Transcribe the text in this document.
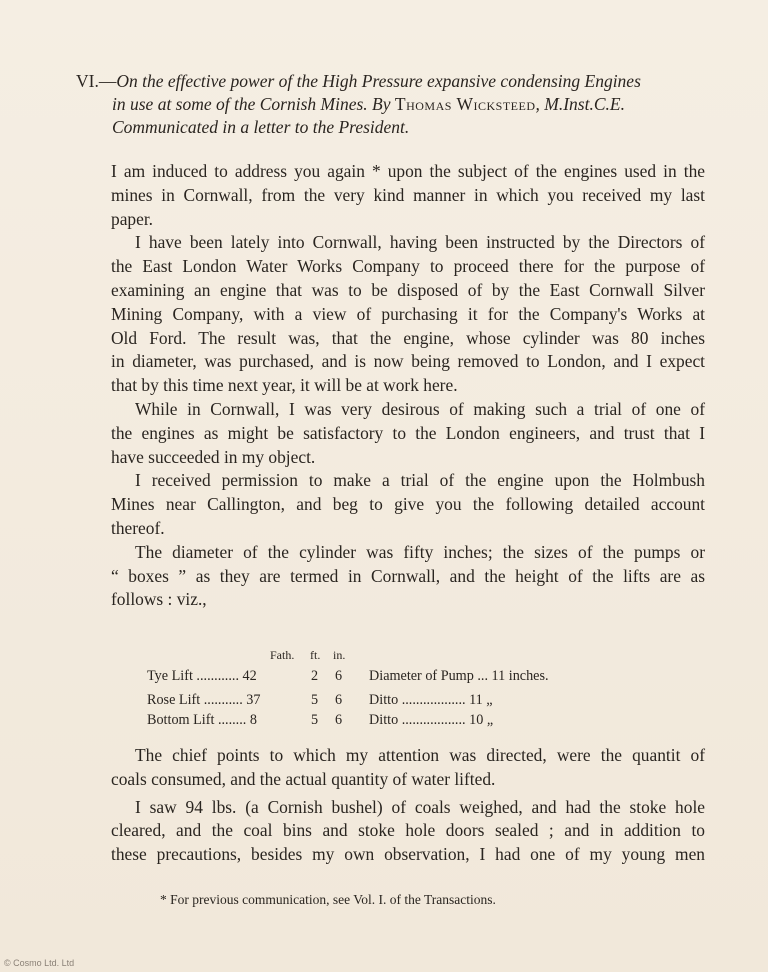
VI.—On the effective power of the High Pressure expansive condensing Engines
in use at some of the Cornish Mines. By Thomas Wicksteed, M.Inst.C.E.
Communicated in a letter to the President.
I am induced to address you again * upon the subject of the engines used in the
mines in Cornwall, from the very kind manner in which you received my last
paper.
I have been lately into Cornwall, having been instructed by the Directors of
the East London Water Works Company to proceed there for the purpose of
examining an engine that was to be disposed of by the East Cornwall Silver
Mining Company, with a view of purchasing it for the Company's Works at
Old Ford. The result was, that the engine, whose cylinder was 80 inches
in diameter, was purchased, and is now being removed to London, and I expect
that by this time next year, it will be at work here.
While in Cornwall, I was very desirous of making such a trial of one of
the engines as might be satisfactory to the London engineers, and trust that I
have succeeded in my object.
I received permission to make a trial of the engine upon the Holmbush
Mines near Callington, and beg to give you the following detailed account
thereof.
The diameter of the cylinder was fifty inches; the sizes of the pumps or
“ boxes ” as they are termed in Cornwall, and the height of the lifts are as
follows : viz.,
Fath. ft. in.
Tye Lift ............ 42	2 6 Diameter of Pump ... 11 inches.
Rose Lift ........... 37	5 6 Ditto .................. 11 „
Bottom Lift ........ 8	5 6 Ditto .................. 10 „
The chief points to which my attention was directed, were the quantit of
coals consumed, and the actual quantity of water lifted.
I saw 94 lbs. (a Cornish bushel) of coals weighed, and had the stoke hole
cleared, and the coal bins and stoke hole doors sealed ; and in addition to
these precautions, besides my own observation, I had one of my young men
* For previous communication, see Vol. I. of the Transactions.
© Cosmo Ltd. Ltd
